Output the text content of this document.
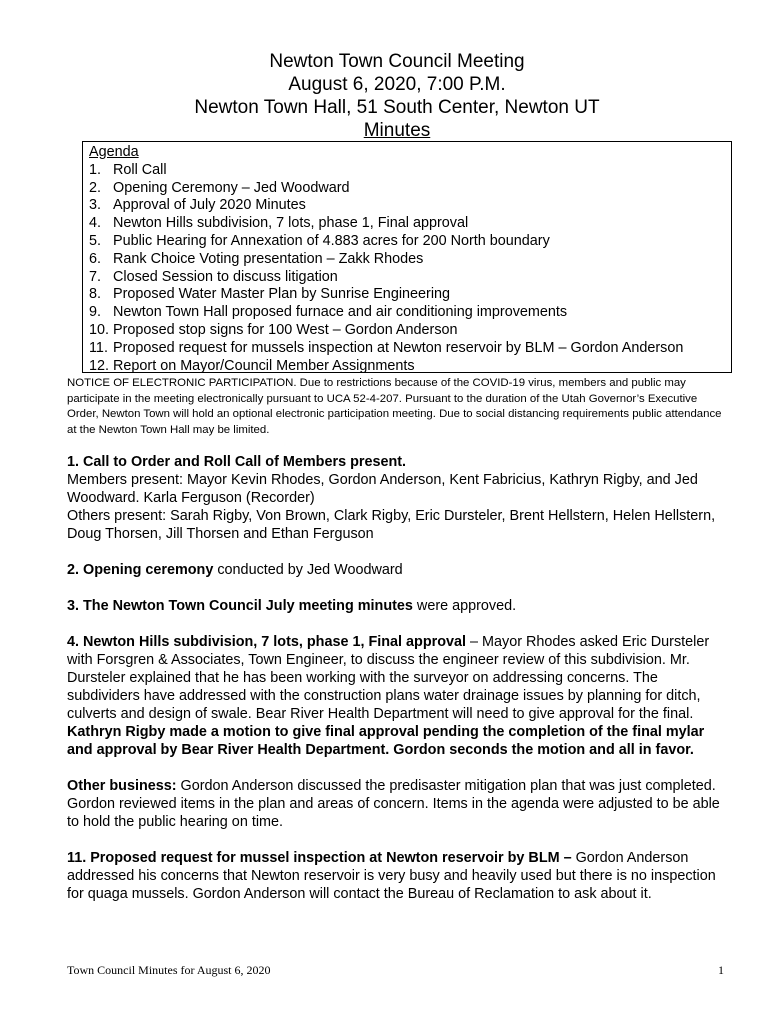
Newton Town Council Meeting
August 6, 2020, 7:00 P.M.
Newton Town Hall, 51 South Center, Newton UT
Minutes
Agenda
1. Roll Call
2. Opening Ceremony – Jed Woodward
3. Approval of July 2020 Minutes
4. Newton Hills subdivision, 7 lots, phase 1, Final approval
5. Public Hearing for Annexation of 4.883 acres for 200 North boundary
6. Rank Choice Voting presentation – Zakk Rhodes
7. Closed Session to discuss litigation
8. Proposed Water Master Plan by Sunrise Engineering
9. Newton Town Hall proposed furnace and air conditioning improvements
10. Proposed stop signs for 100 West – Gordon Anderson
11. Proposed request for mussels inspection at Newton reservoir by BLM – Gordon Anderson
12. Report on Mayor/Council Member Assignments
NOTICE OF ELECTRONIC PARTICIPATION. Due to restrictions because of the COVID-19 virus, members and public may participate in the meeting electronically pursuant to UCA 52-4-207. Pursuant to the duration of the Utah Governor’s Executive Order, Newton Town will hold an optional electronic participation meeting. Due to social distancing requirements public attendance at the Newton Town Hall may be limited.

1. Call to Order and Roll Call of Members present.
Members present: Mayor Kevin Rhodes, Gordon Anderson, Kent Fabricius, Kathryn Rigby, and Jed Woodward. Karla Ferguson (Recorder)
Others present: Sarah Rigby, Von Brown, Clark Rigby, Eric Dursteler, Brent Hellstern, Helen Hellstern, Doug Thorsen, Jill Thorsen and Ethan Ferguson

2. Opening ceremony conducted by Jed Woodward

3. The Newton Town Council July meeting minutes were approved.

4. Newton Hills subdivision, 7 lots, phase 1, Final approval – Mayor Rhodes asked Eric Dursteler with Forsgren & Associates, Town Engineer, to discuss the engineer review of this subdivision. Mr. Dursteler explained that he has been working with the surveyor on addressing concerns. The subdividers have addressed with the construction plans water drainage issues by planning for ditch, culverts and design of swale. Bear River Health Department will need to give approval for the final. Kathryn Rigby made a motion to give final approval pending the completion of the final mylar and approval by Bear River Health Department. Gordon seconds the motion and all in favor.

Other business: Gordon Anderson discussed the predisaster mitigation plan that was just completed. Gordon reviewed items in the plan and areas of concern. Items in the agenda were adjusted to be able to hold the public hearing on time.

11. Proposed request for mussel inspection at Newton reservoir by BLM – Gordon Anderson addressed his concerns that Newton reservoir is very busy and heavily used but there is no inspection for quaga mussels. Gordon Anderson will contact the Bureau of Reclamation to ask about it.

Town Council Minutes for August 6, 2020	1
